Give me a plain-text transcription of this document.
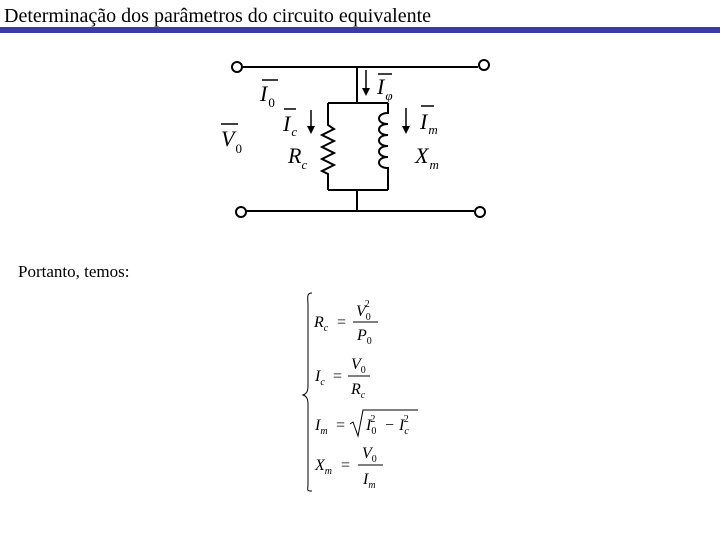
Determinação dos parâmetros do circuito equivalente
$I_0$
$I_\varphi$
$I_c$	$I_m$
$V_0$ $R_c$	$X_m$
$R_c$ =
$V_02$
$P_0$
$I_c$ =
$V_0$
$R_c$
$I_m = I_02 - I_c2$
$X_m$ =
$V_0$
$I_m$
Portanto, temos:
